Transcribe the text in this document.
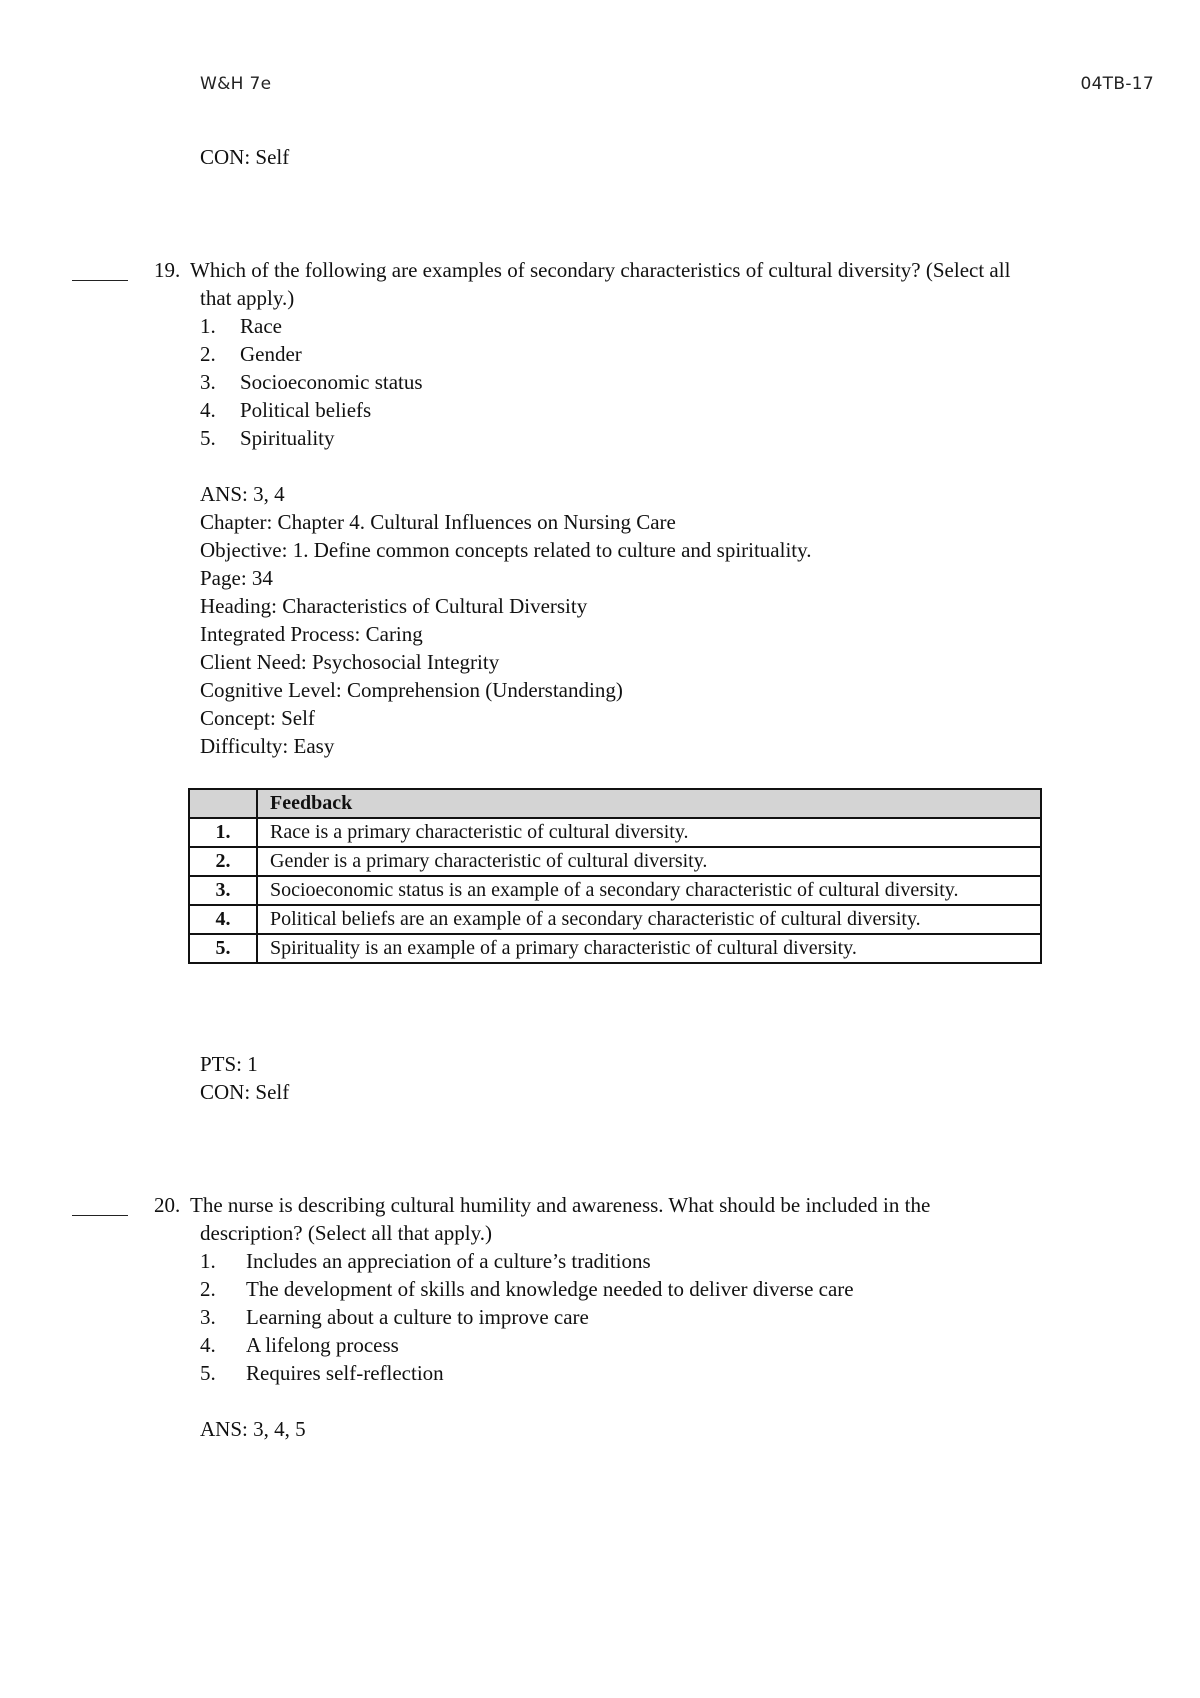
W&H 7e	04TB-17
CON: Self
19. Which of the following are examples of secondary characteristics of cultural diversity? (Select all
that apply.)
1. Race
2. Gender
3. Socioeconomic status
4. Political beliefs
5. Spirituality
ANS: 3, 4
Chapter: Chapter 4. Cultural Influences on Nursing Care
Objective: 1. Define common concepts related to culture and spirituality.
Page: 34
Heading: Characteristics of Cultural Diversity
Integrated Process: Caring
Client Need: Psychosocial Integrity
Cognitive Level: Comprehension (Understanding)
Concept: Self
Difficulty: Easy
	Feedback
1.	Race is a primary characteristic of cultural diversity.
2.	Gender is a primary characteristic of cultural diversity.
3.	Socioeconomic status is an example of a secondary characteristic of cultural diversity.
4.	Political beliefs are an example of a secondary characteristic of cultural diversity.
5.	Spirituality is an example of a primary characteristic of cultural diversity.
PTS: 1
CON: Self
20. The nurse is describing cultural humility and awareness. What should be included in the
description? (Select all that apply.)
1. Includes an appreciation of a culture’s traditions
2. The development of skills and knowledge needed to deliver diverse care
3. Learning about a culture to improve care
4. A lifelong process
5. Requires self-reflection
ANS: 3, 4, 5
